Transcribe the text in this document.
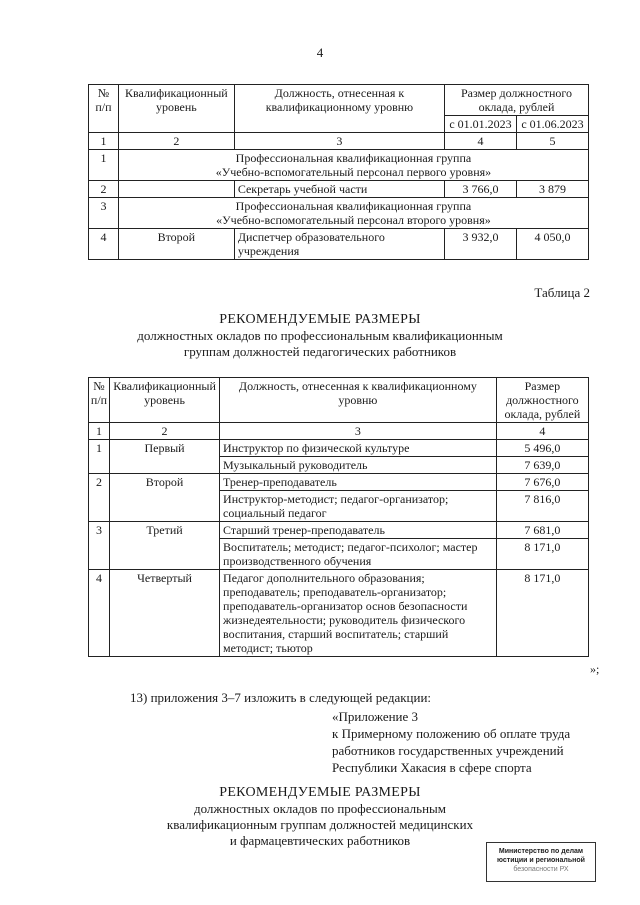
4
№ п/п	Квалификационный уровень	Должность, отнесенная к квалификационному уровню	Размер должностного оклада, рублей	
			с 01.01.2023	с 01.06.2023
1	2	3	4	5
1	Профессиональная квалификационная группа
«Учебно-вспомогательный персонал первого уровня»			

2		Секретарь учебной части	3 766,0	3 879
3	Профессиональная квалификационная группа
«Учебно-вспомогательный персонал второго уровня»			

4	Второй	Диспетчер образовательного учреждения	3 932,0	4 050,0
Таблица 2
РЕКОМЕНДУЕМЫЕ РАЗМЕРЫ
должностных окладов по профессиональным квалификационным
группам должностей педагогических работников
№ п/п	Квалификационный уровень	Должность, отнесенная к квалификационному уровню	Размер должностного оклада, рублей
1	2	3	4
1	Первый	Инструктор по физической культуре	5 496,0
		Музыкальный руководитель	7 639,0
2	Второй	Тренер-преподаватель	7 676,0
		Инструктор-методист; педагог-организатор; социальный педагог	7 816,0
3	Третий	Старший тренер-преподаватель	7 681,0
		Воспитатель; методист; педагог-психолог; мастер производственного обучения	8 171,0
4	Четвертый	Педагог дополнительного образования; преподаватель; преподаватель-организатор; преподаватель-организатор основ безопасности жизнедеятельности; руководитель физического воспитания, старший воспитатель; старший методист; тьютор	8 171,0
»;
13) приложения 3–7 изложить в следующей редакции:
«Приложение 3
к Примерному положению об оплате труда
работников государственных учреждений
Республики Хакасия в сфере спорта
РЕКОМЕНДУЕМЫЕ РАЗМЕРЫ
должностных окладов по профессиональным
квалификационным группам должностей медицинских
и фармацевтических работников
Министерство по делам
юстиции и региональной
безопасности РХ
